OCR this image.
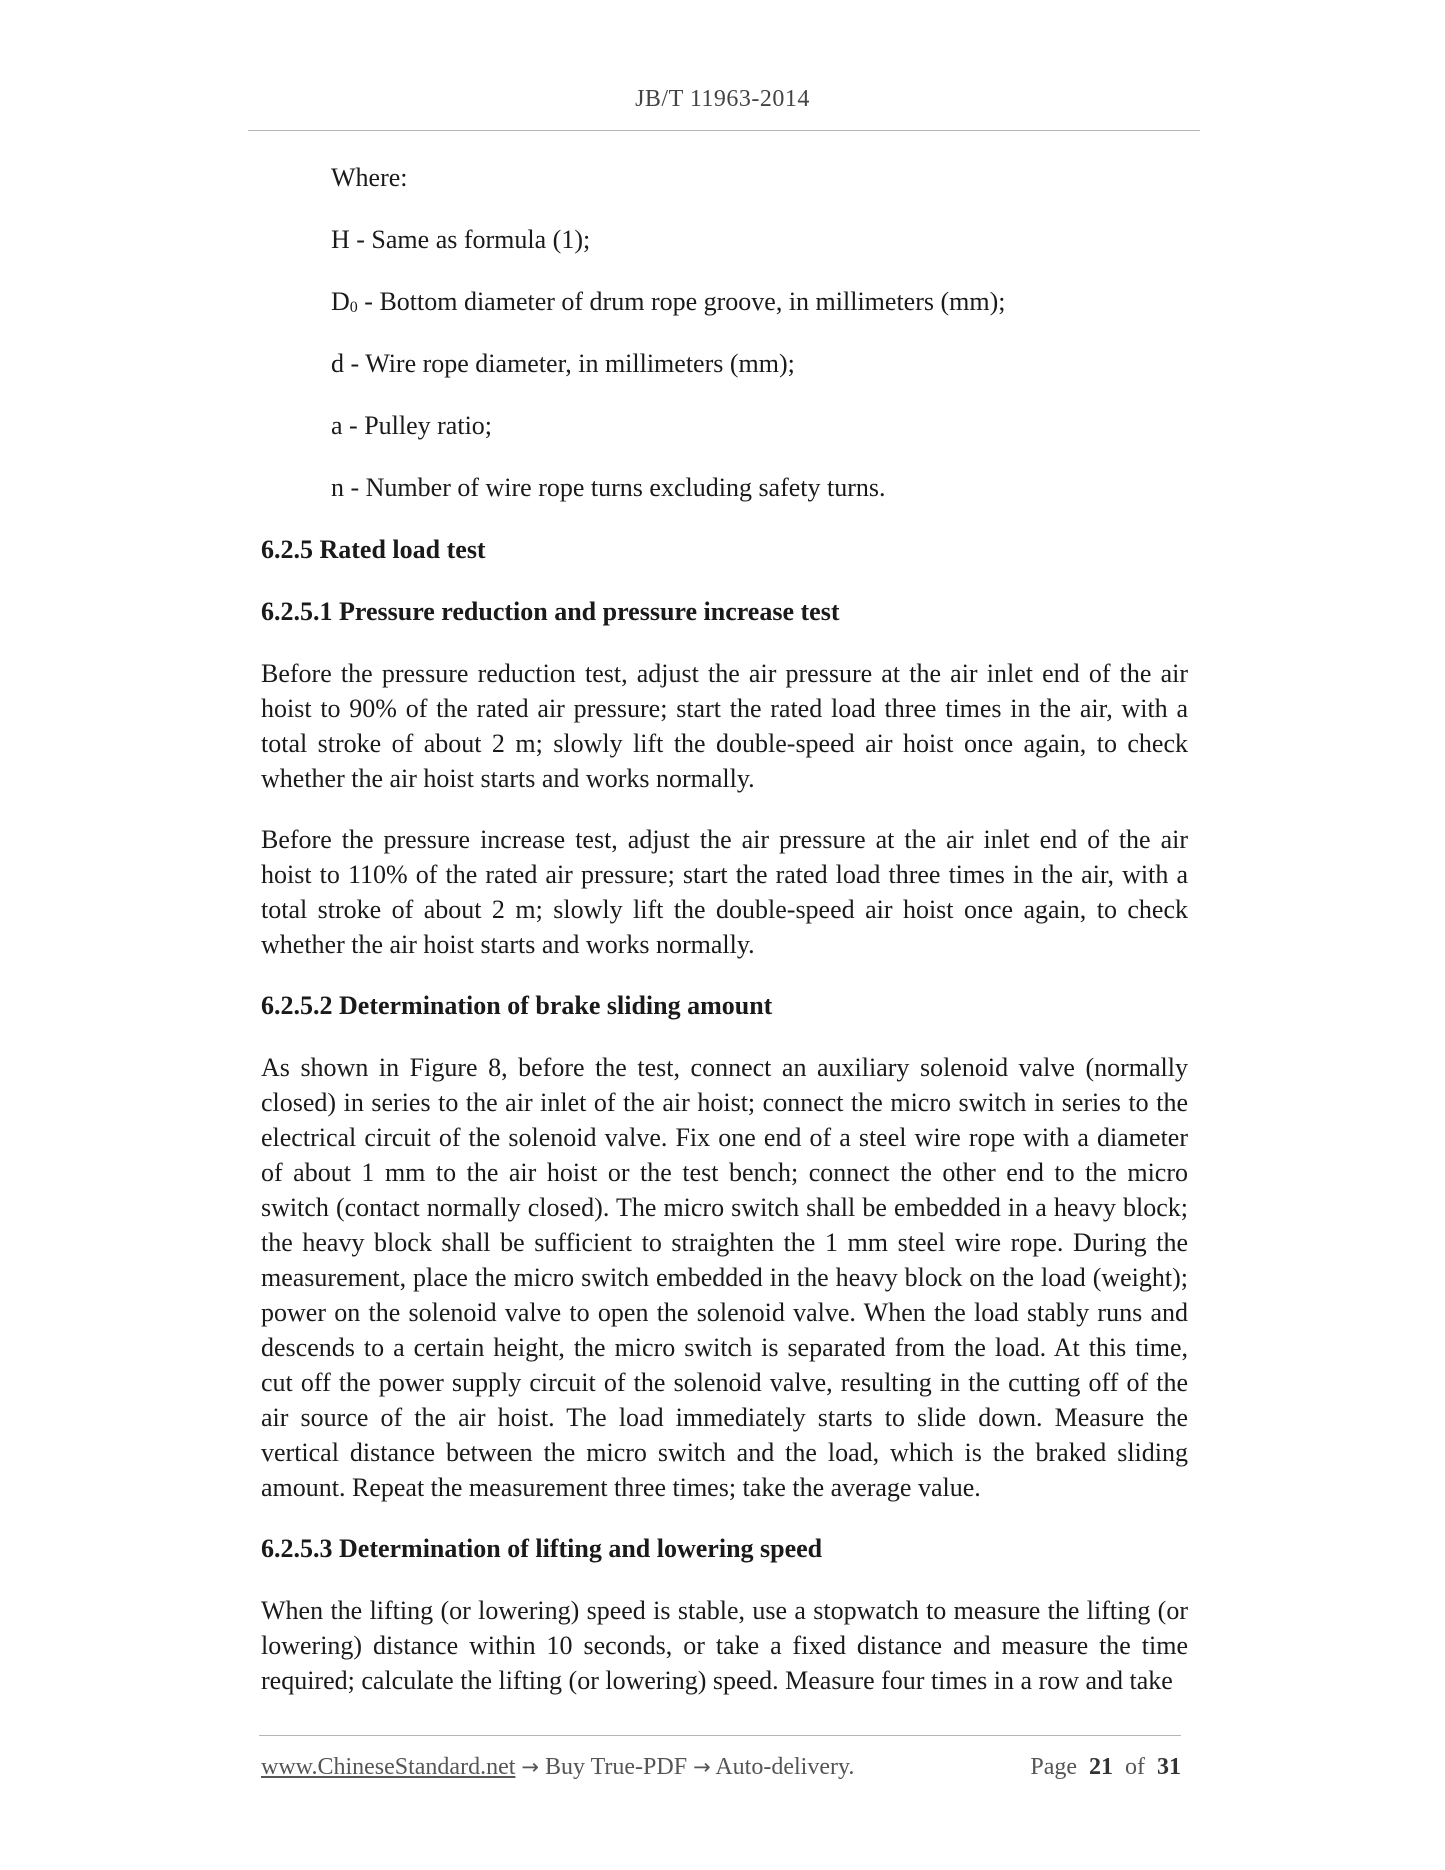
JB/T 11963-2014
Where:
H - Same as formula (1);
$D_0$ - Bottom diameter of drum rope groove, in millimeters (mm);
d - Wire rope diameter, in millimeters (mm);
a - Pulley ratio;
n - Number of wire rope turns excluding safety turns.
6.2.5 Rated load test
6.2.5.1 Pressure reduction and pressure increase test

Before the pressure reduction test, adjust the air pressure at the air inlet end of the air hoist to 90% of the rated air pressure; start the rated load three times in the air, with a total stroke of about 2 m; slowly lift the double-speed air hoist once again, to check whether the air hoist starts and works normally.

Before the pressure increase test, adjust the air pressure at the air inlet end of the air hoist to 110% of the rated air pressure; start the rated load three times in the air, with a total stroke of about 2 m; slowly lift the double-speed air hoist once again, to check whether the air hoist starts and works normally.

6.2.5.2 Determination of brake sliding amount

As shown in Figure 8, before the test, connect an auxiliary solenoid valve (normally closed) in series to the air inlet of the air hoist; connect the micro switch in series to the electrical circuit of the solenoid valve. Fix one end of a steel wire rope with a diameter of about 1 mm to the air hoist or the test bench; connect the other end to the micro switch (contact normally closed). The micro switch shall be embedded in a heavy block; the heavy block shall be sufficient to straighten the 1 mm steel wire rope. During the measurement, place the micro switch embedded in the heavy block on the load (weight); power on the solenoid valve to open the solenoid valve. When the load stably runs and descends to a certain height, the micro switch is separated from the load. At this time, cut off the power supply circuit of the solenoid valve, resulting in the cutting off of the air source of the air hoist. The load immediately starts to slide down. Measure the vertical distance between the micro switch and the load, which is the braked sliding amount. Repeat the measurement three times; take the average value.

6.2.5.3 Determination of lifting and lowering speed

When the lifting (or lowering) speed is stable, use a stopwatch to measure the lifting (or lowering) distance within 10 seconds, or take a fixed distance and measure the time required; calculate the lifting (or lowering) speed. Measure four times in a row and take

www.ChineseStandard.net → Buy True-PDF → Auto-delivery.	Page 21 of 31
